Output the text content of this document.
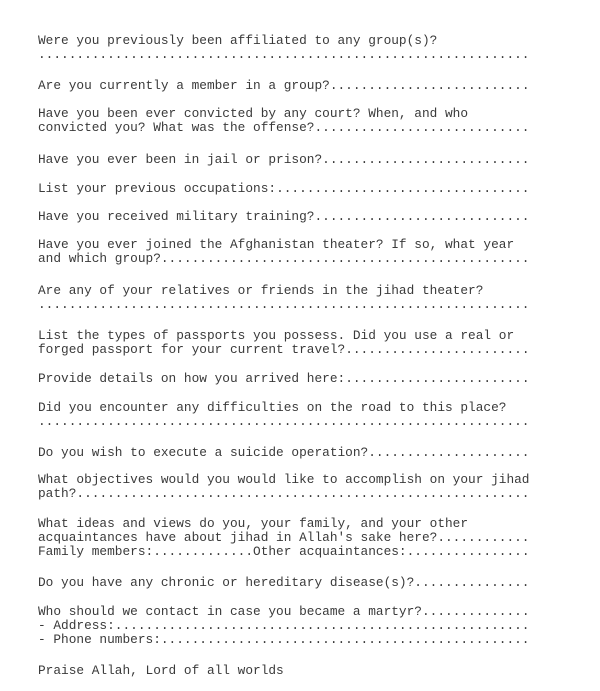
Were you previously been affiliated to any group(s)?
.....
Are you currently a member in a group?
.....
Have you been ever convicted by any court? When, and who
convicted you? What was the offense?
.....
Have you ever been in jail or prison?
.....
List your previous occupations:
.....
Have you received military training?
.....
Have you ever joined the Afghanistan theater? If so, what year
and which group?
.....
Are any of your relatives or friends in the jihad theater?
.....
List the types of passports you possess. Did you use a real or
forged passport for your current travel?
.....
Provide details on how you arrived here:
.....
Did you encounter any difficulties on the road to this place?
.....
Do you wish to execute a suicide operation?
.....
What objectives would you would like to accomplish on your jihad
path?
.....
What ideas and views do you, your family, and your other
acquaintances have about jihad in Allah's sake here?
.....
Family members:.............Other acquaintances:
.....
Do you have any chronic or hereditary disease(s)?
.....
Who should we contact in case you became a martyr?
.....
- Address:
.....
- Phone numbers:
.....
Praise Allah, Lord of all worlds
